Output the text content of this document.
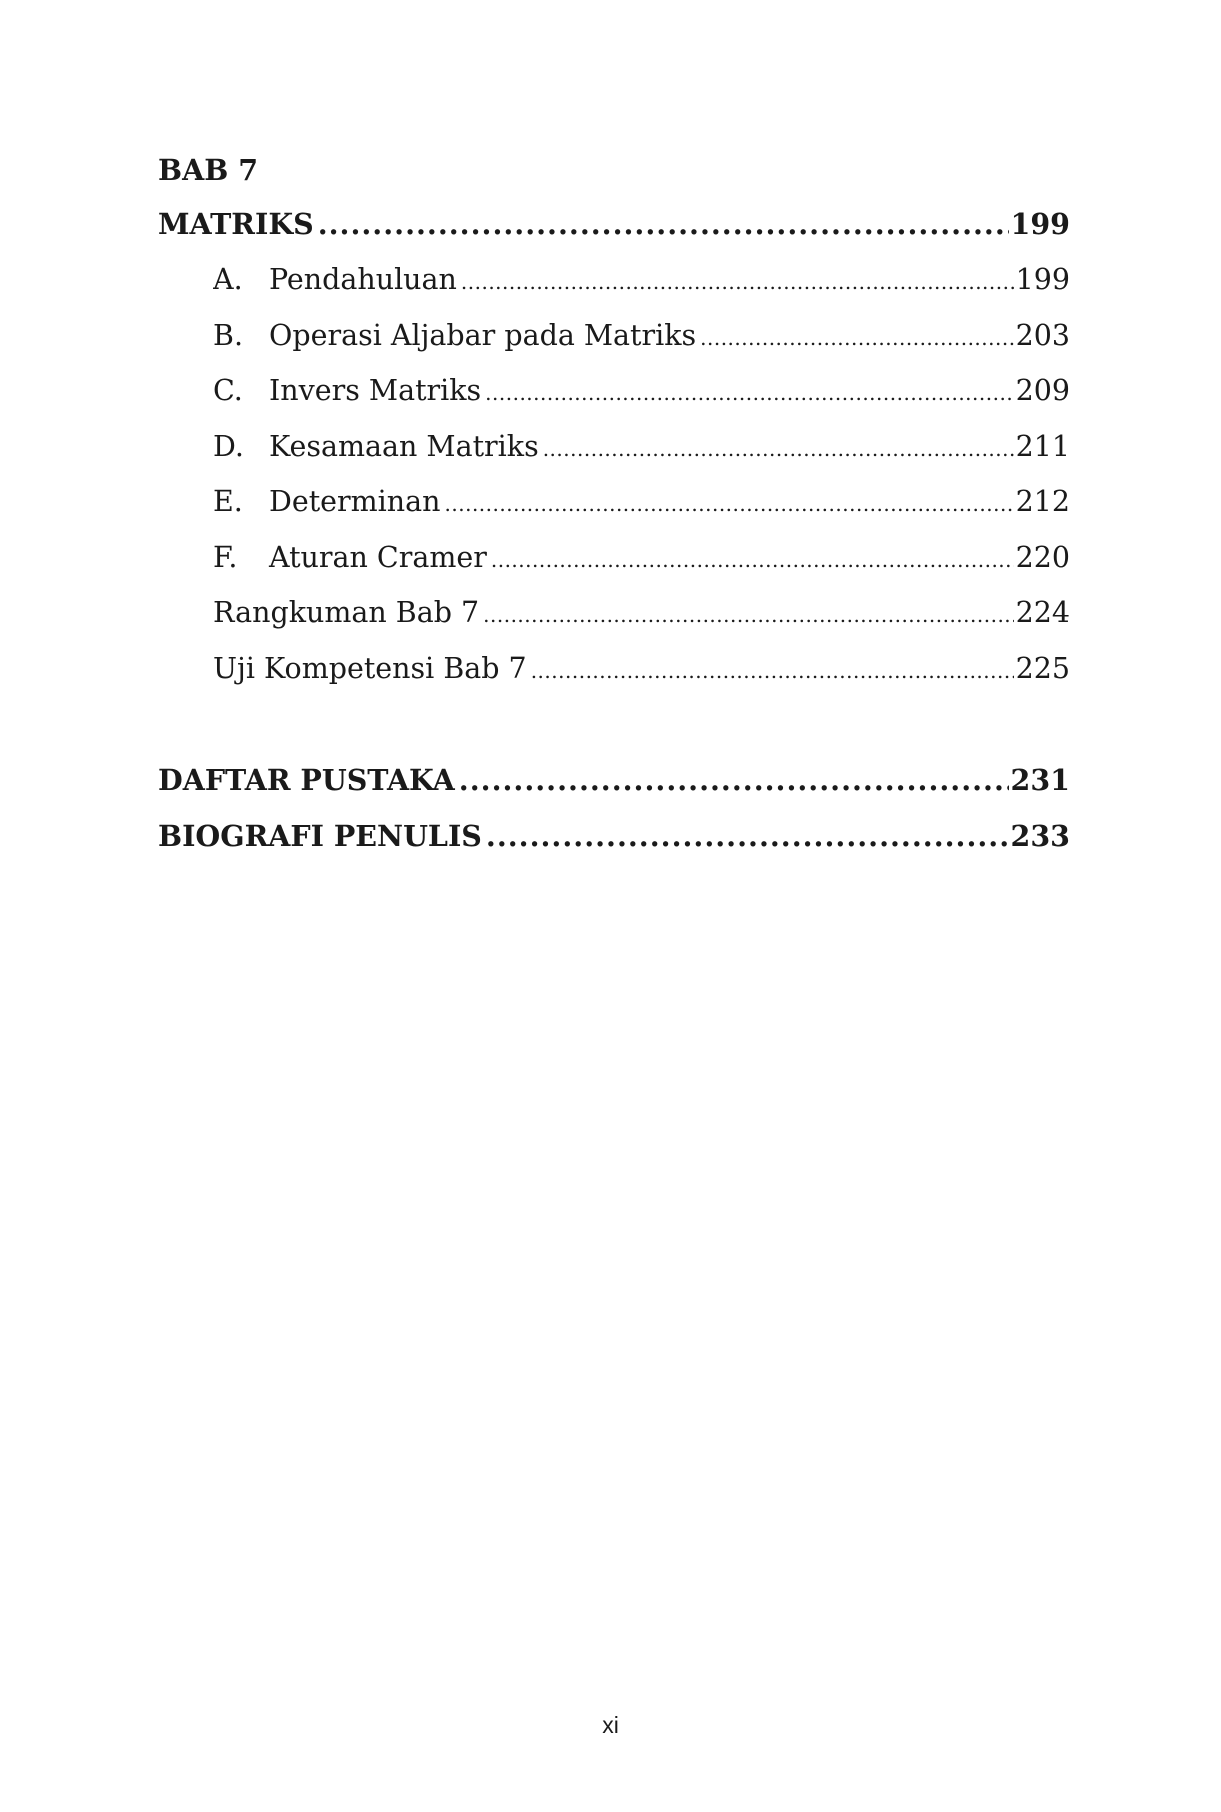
BAB 7
MATRIKS .....	199
A. Pendahuluan .....	199
B. Operasi Aljabar pada Matriks .....	203
C. Invers Matriks .....	209
D. Kesamaan Matriks .....	211
E. Determinan .....	212
F.	Aturan Cramer .....	220
Rangkuman Bab 7 .....	224
Uji Kompetensi Bab 7 .....	225
DAFTAR PUSTAKA .....	231
BIOGRAFI PENULIS .....	233
xi
